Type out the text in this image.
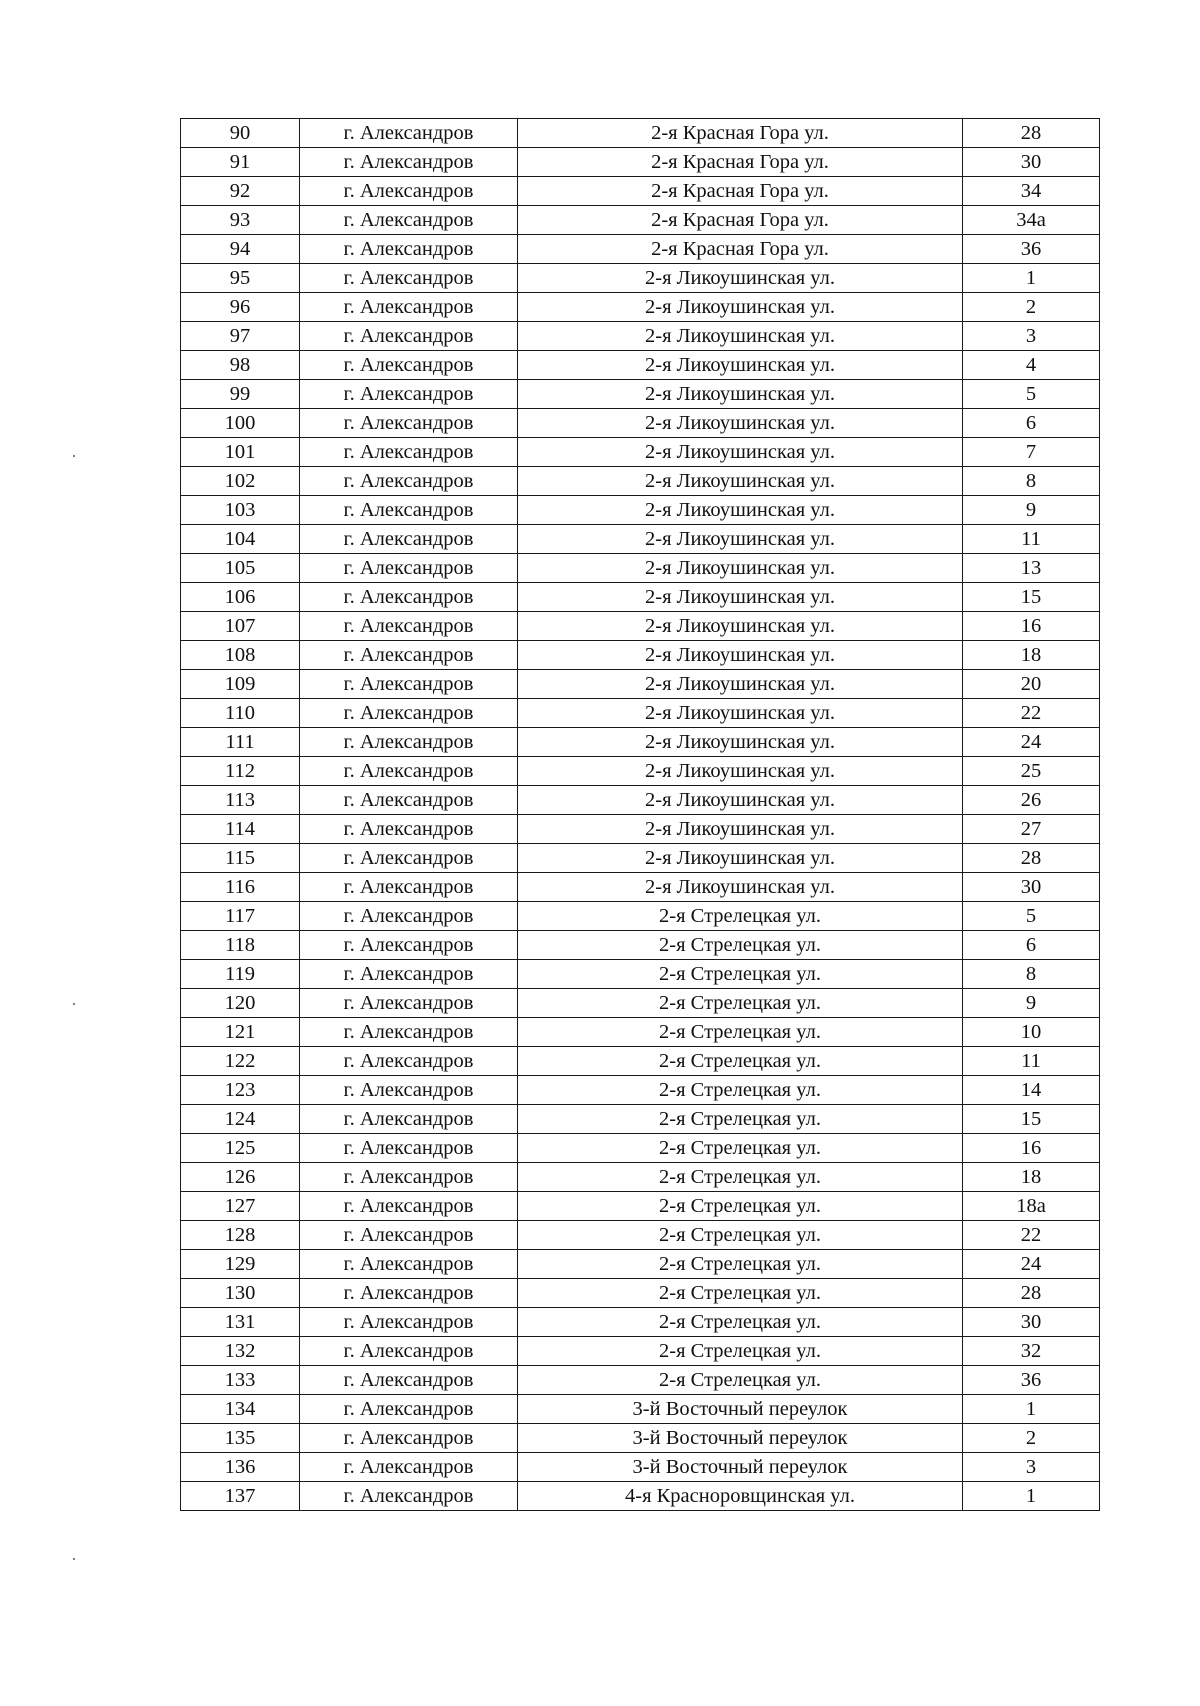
90	г. Александров	2-я Красная Гора ул.	28
91	г. Александров	2-я Красная Гора ул.	30
92	г. Александров	2-я Красная Гора ул.	34
93	г. Александров	2-я Красная Гора ул.	34а
94	г. Александров	2-я Красная Гора ул.	36
95	г. Александров	2-я Ликоушинская ул.	1
96	г. Александров	2-я Ликоушинская ул.	2
97	г. Александров	2-я Ликоушинская ул.	3
98	г. Александров	2-я Ликоушинская ул.	4
99	г. Александров	2-я Ликоушинская ул.	5
100	г. Александров	2-я Ликоушинская ул.	6
101	г. Александров	2-я Ликоушинская ул.	7
102	г. Александров	2-я Ликоушинская ул.	8
103	г. Александров	2-я Ликоушинская ул.	9
104	г. Александров	2-я Ликоушинская ул.	11
105	г. Александров	2-я Ликоушинская ул.	13
106	г. Александров	2-я Ликоушинская ул.	15
107	г. Александров	2-я Ликоушинская ул.	16
108	г. Александров	2-я Ликоушинская ул.	18
109	г. Александров	2-я Ликоушинская ул.	20
110	г. Александров	2-я Ликоушинская ул.	22
111	г. Александров	2-я Ликоушинская ул.	24
112	г. Александров	2-я Ликоушинская ул.	25
113	г. Александров	2-я Ликоушинская ул.	26
114	г. Александров	2-я Ликоушинская ул.	27
115	г. Александров	2-я Ликоушинская ул.	28
116	г. Александров	2-я Ликоушинская ул.	30
117	г. Александров	2-я Стрелецкая ул.	5
118	г. Александров	2-я Стрелецкая ул.	6
119	г. Александров	2-я Стрелецкая ул.	8
120	г. Александров	2-я Стрелецкая ул.	9
121	г. Александров	2-я Стрелецкая ул.	10
122	г. Александров	2-я Стрелецкая ул.	11
123	г. Александров	2-я Стрелецкая ул.	14
124	г. Александров	2-я Стрелецкая ул.	15
125	г. Александров	2-я Стрелецкая ул.	16
126	г. Александров	2-я Стрелецкая ул.	18
127	г. Александров	2-я Стрелецкая ул.	18а
128	г. Александров	2-я Стрелецкая ул.	22
129	г. Александров	2-я Стрелецкая ул.	24
130	г. Александров	2-я Стрелецкая ул.	28
131	г. Александров	2-я Стрелецкая ул.	30
132	г. Александров	2-я Стрелецкая ул.	32
133	г. Александров	2-я Стрелецкая ул.	36
134	г. Александров	3-й Восточный переулок	1
135	г. Александров	3-й Восточный переулок	2
136	г. Александров	3-й Восточный переулок	3
137	г. Александров	4-я Красноровщинская ул.	1
